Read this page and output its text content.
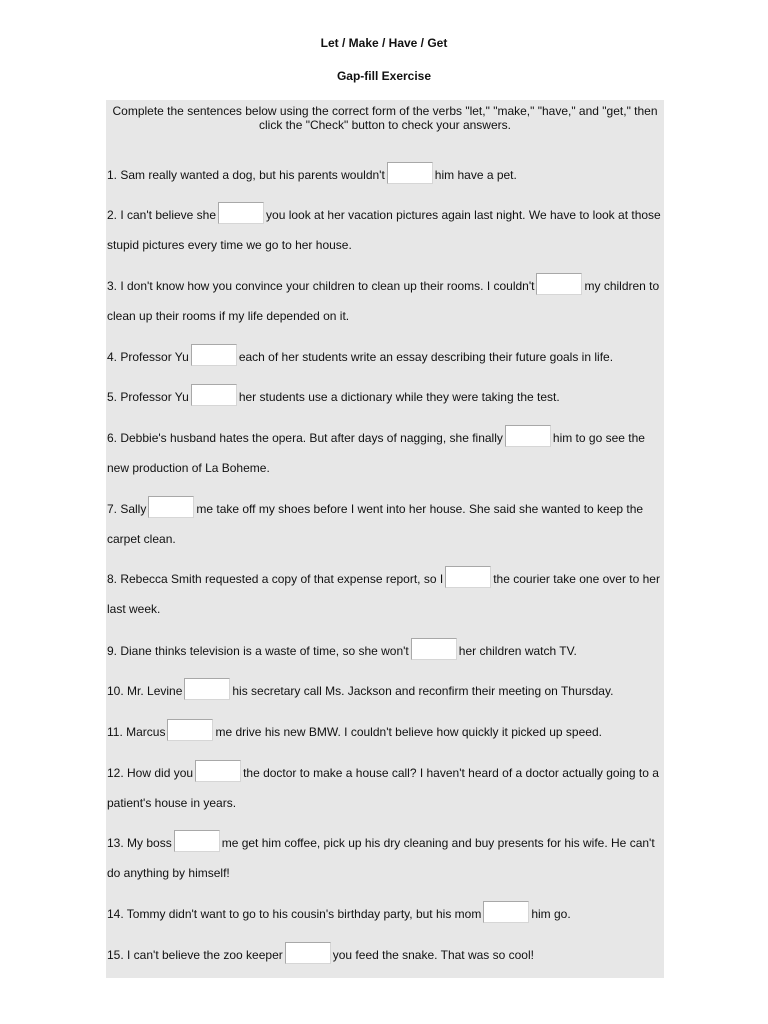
Let / Make / Have / Get
Gap-fill Exercise
Complete the sentences below using the correct form of the verbs "let," "make," "have," and "get," then click the "Check" button to check your answers.
1. Sam really wanted a dog, but his parents wouldn't	him have a pet.
2. I can't believe she	you look at her vacation pictures again last night. We have to look at those stupid pictures every time we go to her house.
3. I don't know how you convince your children to clean up their rooms. I couldn't	my children to clean up their rooms if my life depended on it.
4. Professor Yu	each of her students write an essay describing their future goals in life.
5. Professor Yu	her students use a dictionary while they were taking the test.
6. Debbie's husband hates the opera. But after days of nagging, she finally	him to go see the new production of La Boheme.
7. Sally	me take off my shoes before I went into her house. She said she wanted to keep the carpet clean.
8. Rebecca Smith requested a copy of that expense report, so I	the courier take one over to her last week.
9. Diane thinks television is a waste of time, so she won't	her children watch TV.
10. Mr. Levine	his secretary call Ms. Jackson and reconfirm their meeting on Thursday.
11. Marcus	me drive his new BMW. I couldn't believe how quickly it picked up speed.
12. How did you	the doctor to make a house call? I haven't heard of a doctor actually going to a patient's house in years.
13. My boss	me get him coffee, pick up his dry cleaning and buy presents for his wife. He can't do anything by himself!
14. Tommy didn't want to go to his cousin's birthday party, but his mom	him go.
15. I can't believe the zoo keeper	you feed the snake. That was so cool!
